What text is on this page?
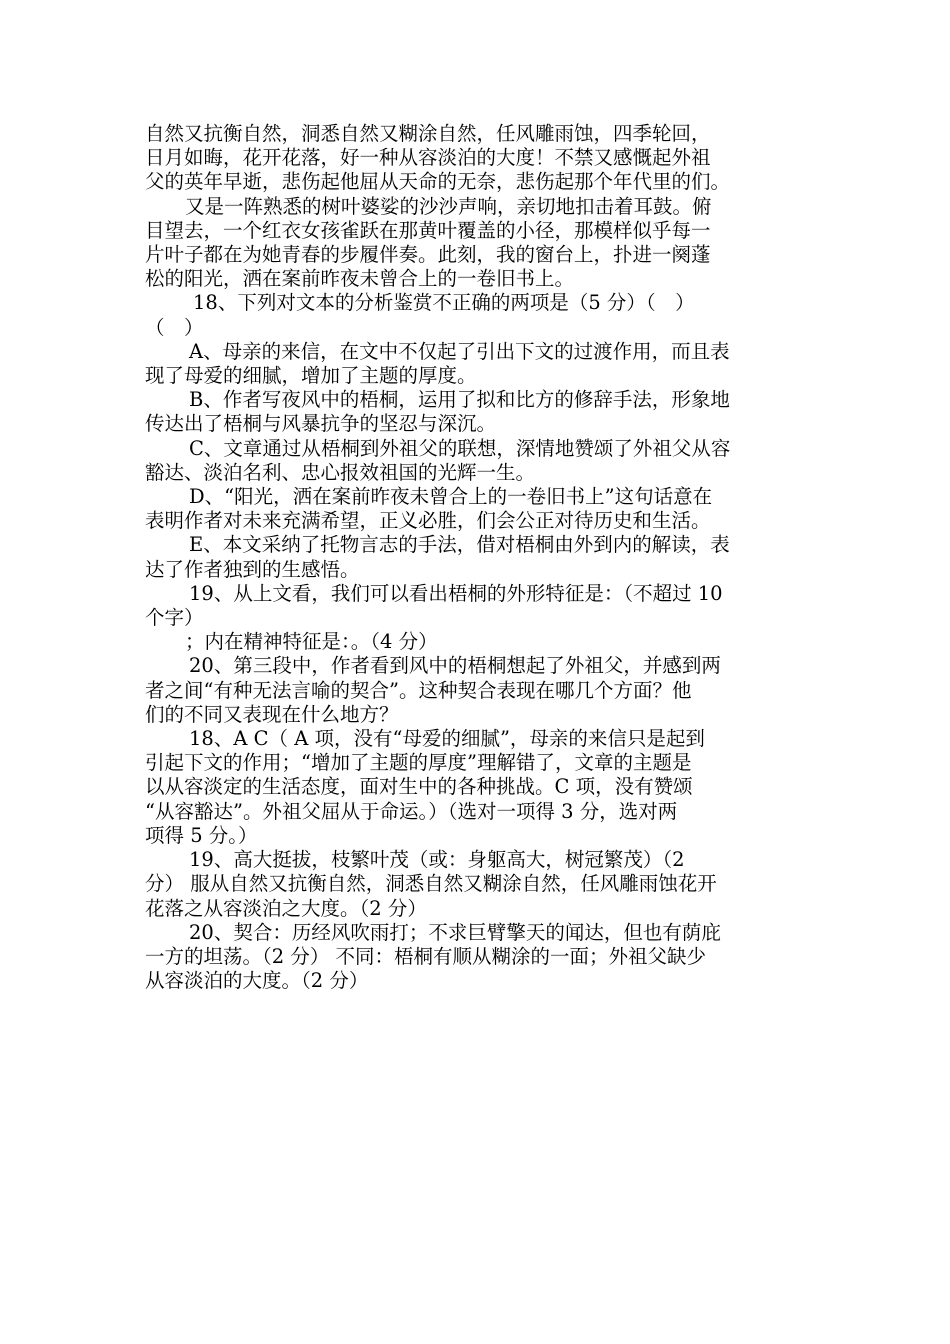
自然又抗衡自然，洞悉自然又糊涂自然，任风雕雨蚀，四季轮回，
日月如晦，花开花落，好一种从容淡泊的大度！不禁又感慨起外祖
父的英年早逝，悲伤起他屈从天命的无奈，悲伤起那个年代里的们。
又是一阵熟悉的树叶婆娑的沙沙声响，亲切地扣击着耳鼓。俯
目望去，一个红衣女孩雀跃在那黄叶覆盖的小径，那模样似乎每一
片叶子都在为她青春的步履伴奏。此刻，我的窗台上，扑进一阕蓬
松的阳光，洒在案前昨夜未曾合上的一卷旧书上。
18、下列对文本的分析鉴赏不正确的两项是（5 分）（　）
（　）
A、母亲的来信，在文中不仅起了引出下文的过渡作用，而且表
现了母爱的细腻，增加了主题的厚度。
B、作者写夜风中的梧桐，运用了拟和比方的修辞手法，形象地
传达出了梧桐与风暴抗争的坚忍与深沉。
C、文章通过从梧桐到外祖父的联想，深情地赞颂了外祖父从容
豁达、淡泊名利、忠心报效祖国的光辉一生。
D、“阳光，洒在案前昨夜未曾合上的一卷旧书上”这句话意在
表明作者对未来充满希望，正义必胜，们会公正对待历史和生活。
E、本文采纳了托物言志的手法，借对梧桐由外到内的解读，表
达了作者独到的生感悟。
19、从上文看，我们可以看出梧桐的外形特征是：（不超过 10
个字）
；内在精神特征是：。（4 分）
20、第三段中，作者看到风中的梧桐想起了外祖父，并感到两
者之间“有种无法言喻的契合”。这种契合表现在哪几个方面？他
们的不同又表现在什么地方？
18、A C（ A 项，没有“母爱的细腻”，母亲的来信只是起到
引起下文的作用；“增加了主题的厚度”理解错了，文章的主题是
以从容淡定的生活态度，面对生中的各种挑战。C 项，没有赞颂
“从容豁达”。外祖父屈从于命运。）（选对一项得 3 分，选对两
项得 5 分。）
19、高大挺拔，枝繁叶茂（或：身躯高大，树冠繁茂）（2
分） 服从自然又抗衡自然，洞悉自然又糊涂自然，任风雕雨蚀花开
花落之从容淡泊之大度。（2 分）
20、契合：历经风吹雨打；不求巨臂擎天的闻达，但也有荫庇
一方的坦荡。（2 分） 不同：梧桐有顺从糊涂的一面；外祖父缺少
从容淡泊的大度。（2 分）
